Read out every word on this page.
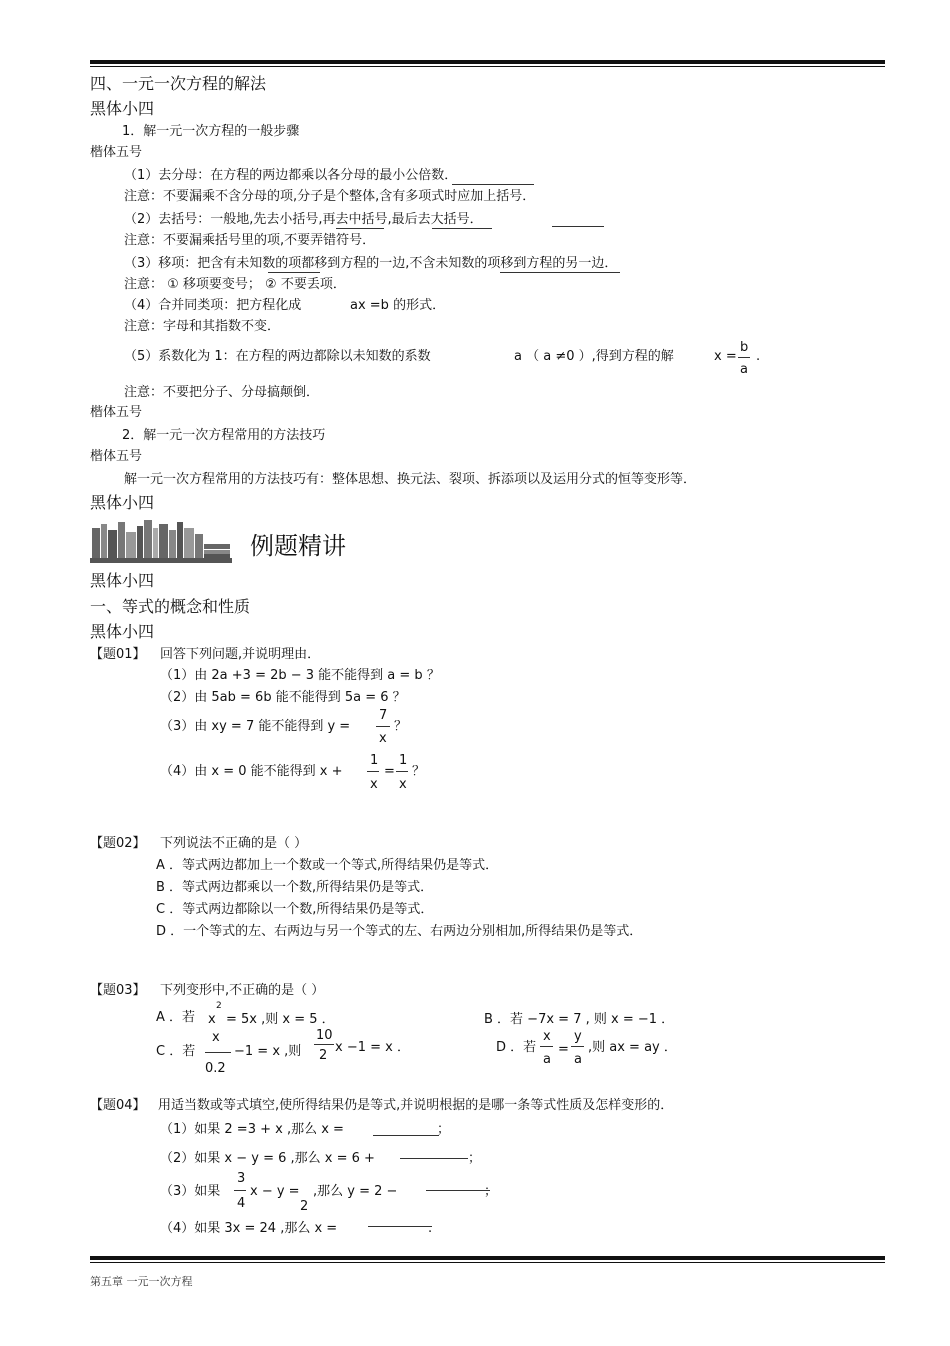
四、一元一次方程的解法
黑体小四
1．解一元一次方程的一般步骤
楷体五号
（1）去分母：在方程的两边都乘以各分母的最小公倍数．
注意：不要漏乘不含分母的项,分子是个整体,含有多项式时应加上括号．
（2）去括号：一般地,先去小括号,再去中括号,最后去大括号．
注意：不要漏乘括号里的项,不要弄错符号．
（3）移项：把含有未知数的项都移到方程的一边,不含未知数的项移到方程的另一边．
注意： ① 移项要变号； ② 不要丢项．
（4）合并同类项：把方程化成	ax =b 的形式．
注意：字母和其指数不变．
（5）系数化为 1：在方程的两边都除以未知数的系数	a （ a ≠0 ）,得到方程的解	x =
b
a
.
注意：不要把分子、分母搞颠倒．
楷体五号
2．解一元一次方程常用的方法技巧
楷体五号
解一元一次方程常用的方法技巧有：整体思想、换元法、裂项、拆添项以及运用分式的恒等变形等．
黑体小四
例题精讲
黑体小四
一、等式的概念和性质
黑体小四
【题01】 回答下列问题,并说明理由．
（1）由 2a +3 = 2b − 3 能不能得到 a = b ？
（2）由 5ab = 6b 能不能得到 5a = 6 ？
（3）由 xy = 7 能不能得到 y =
7
x
？
（4）由 x = 0 能不能得到 x +
1
x
=
1
x
？
【题02】 下列说法不正确的是（ ）
A ．等式两边都加上一个数或一个等式,所得结果仍是等式．
B ．等式两边都乘以一个数,所得结果仍是等式．
C ．等式两边都除以一个数,所得结果仍是等式．
D ．一个等式的左、右两边与另一个等式的左、右两边分别相加,所得结果仍是等式．
【题03】 下列变形中,不正确的是（ ）
A ．若 x
2
= 5x ,则 x = 5 ．	B ．若 −7x = 7 , 则 x = −1 ．
C ．若
x
0.2
−1 = x ,则
10
2
x −1 = x ．	D ．若
x
a
=
y
a
,则 ax = ay ．
【题04】 用适当数或等式填空,使所得结果仍是等式,并说明根据的是哪一条等式性质及怎样变形的．
（1）如果 2 =3 + x ,那么 x =	；
（2）如果 x − y = 6 ,那么 x = 6 +	；
（3）如果
3
4
x − y = ,那么 y = 2 −
2
；
（4）如果 3x = 24 ,那么 x =	.
第五章 一元一次方程
